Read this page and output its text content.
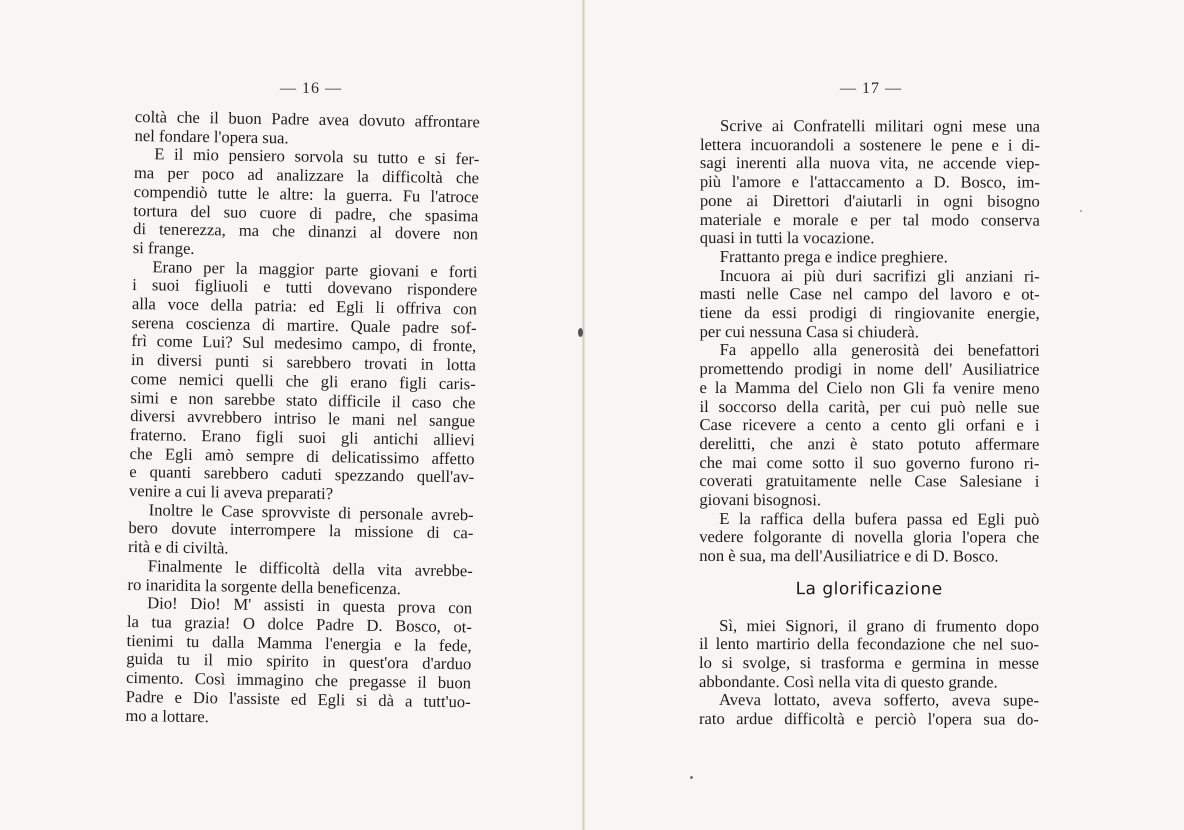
— 16 —
coltà che il buon Padre avea dovuto affrontare
nel fondare l'opera sua.
E il mio pensiero sorvola su tutto e si fer-
ma per poco ad analizzare la difficoltà che
compendiò tutte le altre: la guerra. Fu l'atroce
tortura del suo cuore di padre, che spasima
di tenerezza, ma che dinanzi al dovere non
si frange.
Erano per la maggior parte giovani e forti
i suoi figliuoli e tutti dovevano rispondere
alla voce della patria: ed Egli li offriva con
serena coscienza di martire. Quale padre sof-
frì come Lui? Sul medesimo campo, di fronte,
in diversi punti si sarebbero trovati in lotta
come nemici quelli che gli erano figli caris-
simi e non sarebbe stato difficile il caso che
diversi avvrebbero intriso le mani nel sangue
fraterno. Erano figli suoi gli antichi allievi
che Egli amò sempre di delicatissimo affetto
e quanti sarebbero caduti spezzando quell'av-
venire a cui li aveva preparati?
Inoltre le Case sprovviste di personale avreb-
bero dovute interrompere la missione di ca-
rità e di civiltà.
Finalmente le difficoltà della vita avrebbe-
ro inaridita la sorgente della beneficenza.
Dio! Dio! M' assisti in questa prova con
la tua grazia! O dolce Padre D. Bosco, ot-
tienimi tu dalla Mamma l'energia e la fede,
guida tu il mio spirito in quest'ora d'arduo
cimento. Così immagino che pregasse il buon
Padre e Dio l'assiste ed Egli si dà a tutt'uo-
mo a lottare.
— 17 —
Scrive ai Confratelli militari ogni mese una
lettera incuorandoli a sostenere le pene e i di-
sagi inerenti alla nuova vita, ne accende viep-
più l'amore e l'attaccamento a D. Bosco, im-
pone ai Direttori d'aiutarli in ogni bisogno
materiale e morale e per tal modo conserva
quasi in tutti la vocazione.
Frattanto prega e indice preghiere.
Incuora ai più duri sacrifizi gli anziani ri-
masti nelle Case nel campo del lavoro e ot-
tiene da essi prodigi di ringiovanite energie,
per cui nessuna Casa si chiuderà.
Fa appello alla generosità dei benefattori
promettendo prodigi in nome dell' Ausiliatrice
e la Mamma del Cielo non Gli fa venire meno
il soccorso della carità, per cui può nelle sue
Case ricevere a cento a cento gli orfani e i
derelitti, che anzi è stato potuto affermare
che mai come sotto il suo governo furono ri-
coverati gratuitamente nelle Case Salesiane i
giovani bisognosi.
E la raffica della bufera passa ed Egli può
vedere folgorante di novella gloria l'opera che
non è sua, ma dell'Ausiliatrice e di D. Bosco.
La glorificazione
Sì, miei Signori, il grano di frumento dopo
il lento martirio della fecondazione che nel suo-
lo si svolge, si trasforma e germina in messe
abbondante. Così nella vita di questo grande.
Aveva lottato, aveva sofferto, aveva supe-
rato ardue difficoltà e perciò l'opera sua do-
